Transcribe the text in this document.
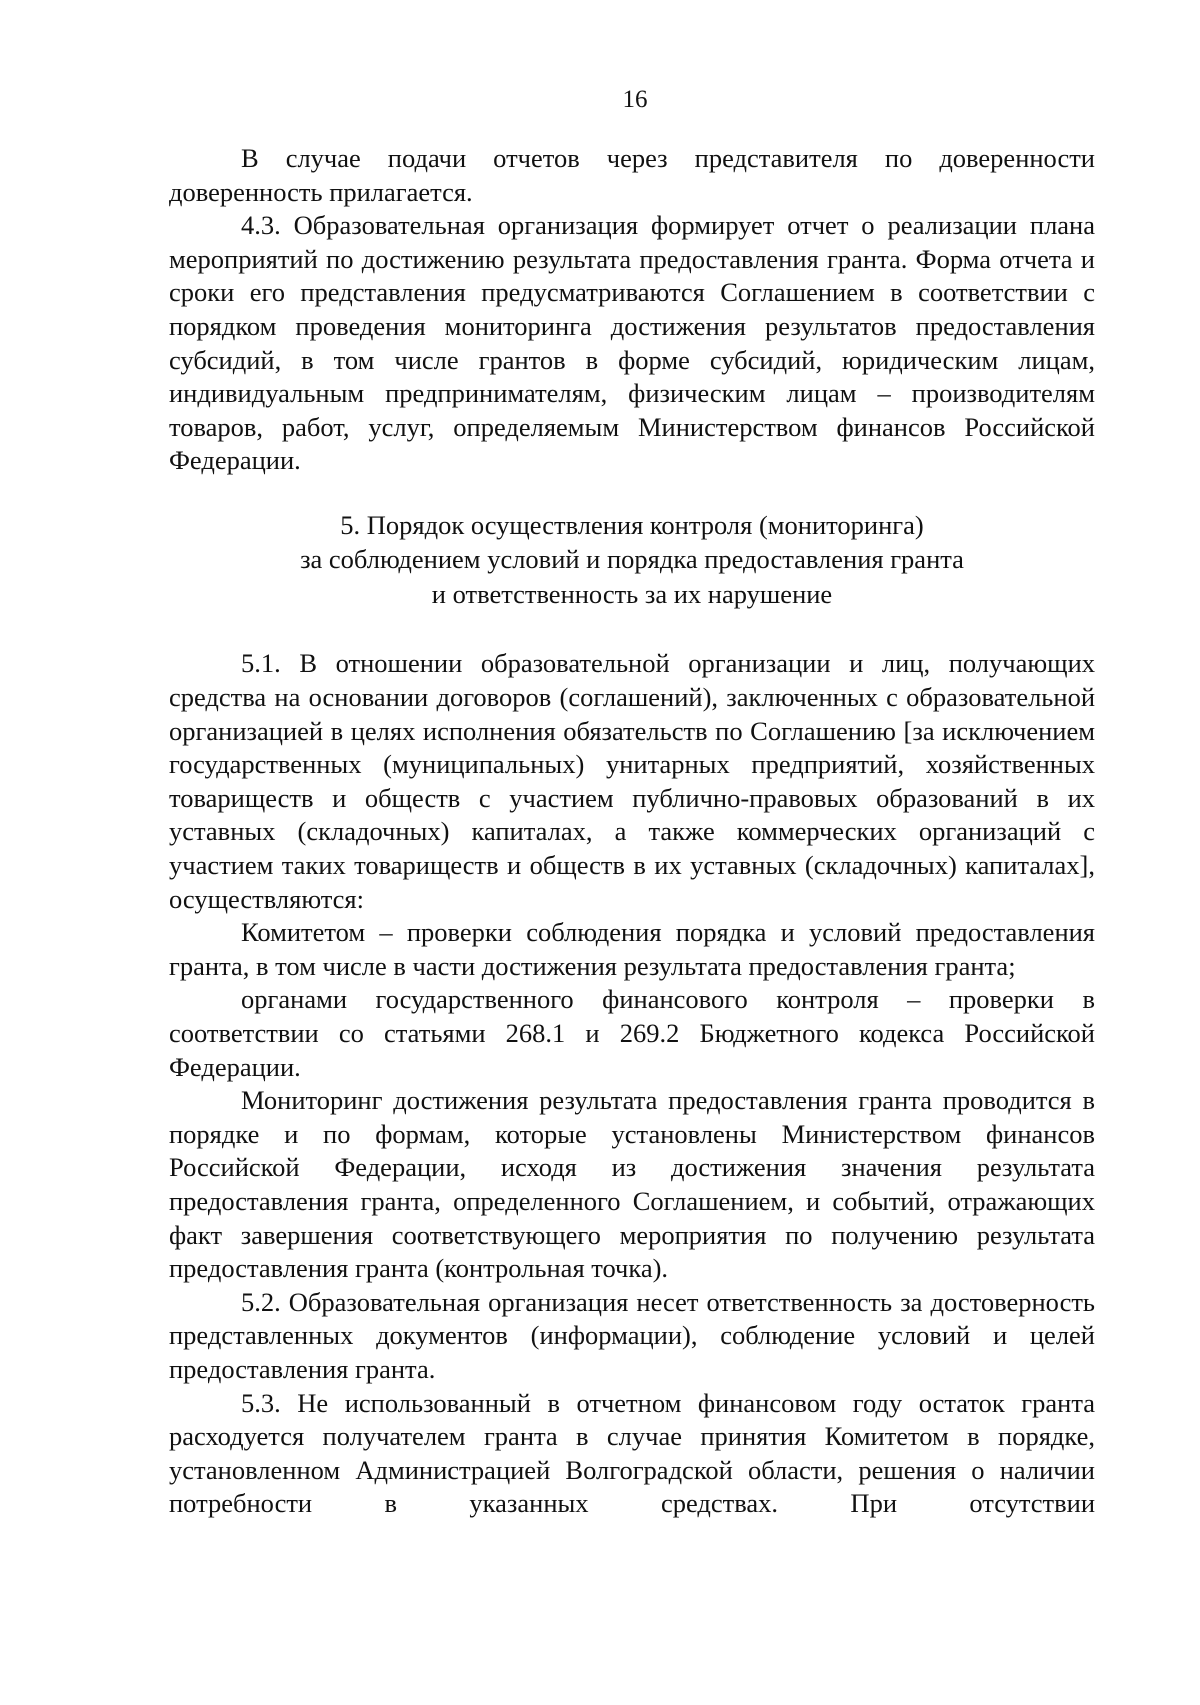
16

В случае подачи отчетов через представителя по доверенности доверенность прилагается.

4.3. Образовательная организация формирует отчет о реализации плана мероприятий по достижению результата предоставления гранта. Форма отчета и сроки его представления предусматриваются Соглашением в соответствии с порядком проведения мониторинга достижения результатов предоставления субсидий, в том числе грантов в форме субсидий, юридическим лицам, индивидуальным предпринимателям, физическим лицам – производителям товаров, работ, услуг, определяемым Министерством финансов Российской Федерации.

5. Порядок осуществления контроля (мониторинга)
за соблюдением условий и порядка предоставления гранта
и ответственность за их нарушение

5.1. В отношении образовательной организации и лиц, получающих средства на основании договоров (соглашений), заключенных с образовательной организацией в целях исполнения обязательств по Соглашению [за исключением государственных (муниципальных) унитарных предприятий, хозяйственных товариществ и обществ с участием публично-правовых образований в их уставных (складочных) капиталах, а также коммерческих организаций с участием таких товариществ и обществ в их уставных (складочных) капиталах], осуществляются:

Комитетом – проверки соблюдения порядка и условий предоставления гранта, в том числе в части достижения результата предоставления гранта;

органами государственного финансового контроля – проверки в соответствии со статьями 268.1 и 269.2 Бюджетного кодекса Российской Федерации.

Мониторинг достижения результата предоставления гранта проводится в порядке и по формам, которые установлены Министерством финансов Российской Федерации, исходя из достижения значения результата предоставления гранта, определенного Соглашением, и событий, отражающих факт завершения соответствующего мероприятия по получению результата предоставления гранта (контрольная точка).

5.2. Образовательная организация несет ответственность за достоверность представленных документов (информации), соблюдение условий и целей предоставления гранта.

5.3. Не использованный в отчетном финансовом году остаток гранта расходуется получателем гранта в случае принятия Комитетом в порядке, установленном Администрацией Волгоградской области, решения о наличии потребности в указанных средствах. При отсутствии
